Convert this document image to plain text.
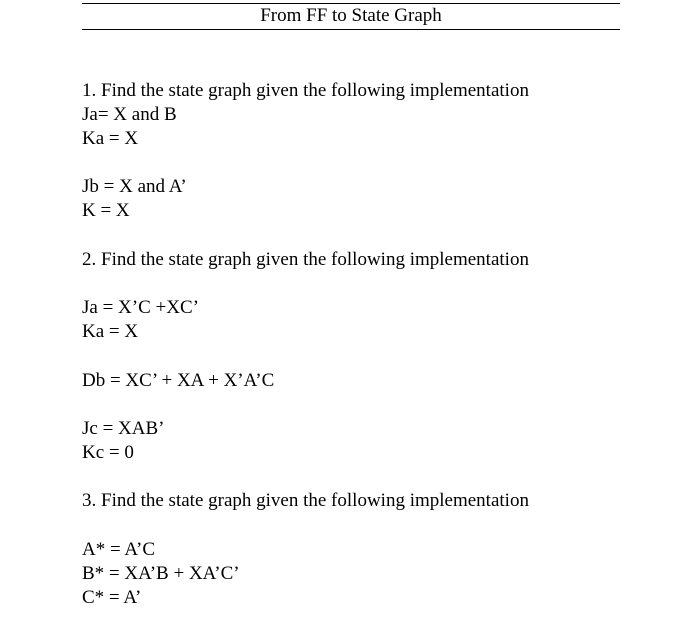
From FF to State Graph
1. Find the state graph given the following implementation
Ja= X and B
Ka = X
Jb = X and A’
K = X
2. Find the state graph given the following implementation
Ja = X’C +XC’
Ka = X
Db = XC’ + XA + X’A’C
Jc = XAB’
Kc = 0
3. Find the state graph given the following implementation
A* = A’C
B* = XA’B + XA’C’
C* = A’
